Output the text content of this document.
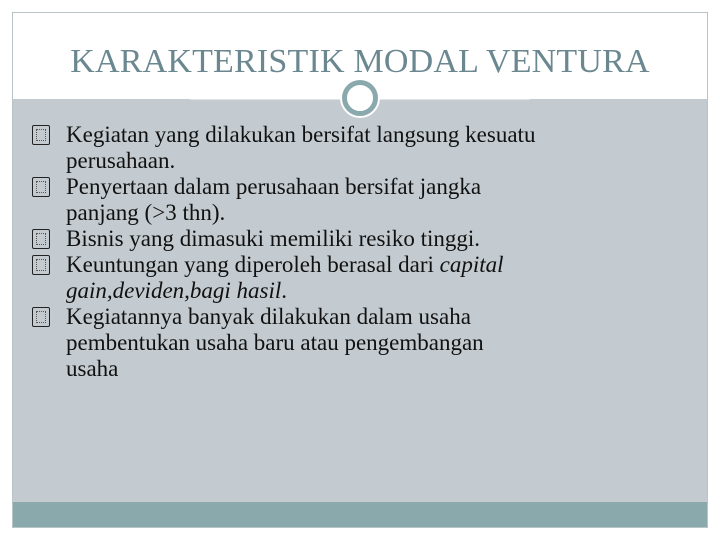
KARAKTERISTIK MODAL VENTURA
Kegiatan yang dilakukan bersifat langsung kesuatu
perusahaan.
Penyertaan dalam perusahaan bersifat jangka
panjang (>3 thn).
Bisnis yang dimasuki memiliki resiko tinggi.
Keuntungan yang diperoleh berasal dari capital
gain,deviden,bagi hasil.
Kegiatannya banyak dilakukan dalam usaha
pembentukan usaha baru atau pengembangan
usaha
